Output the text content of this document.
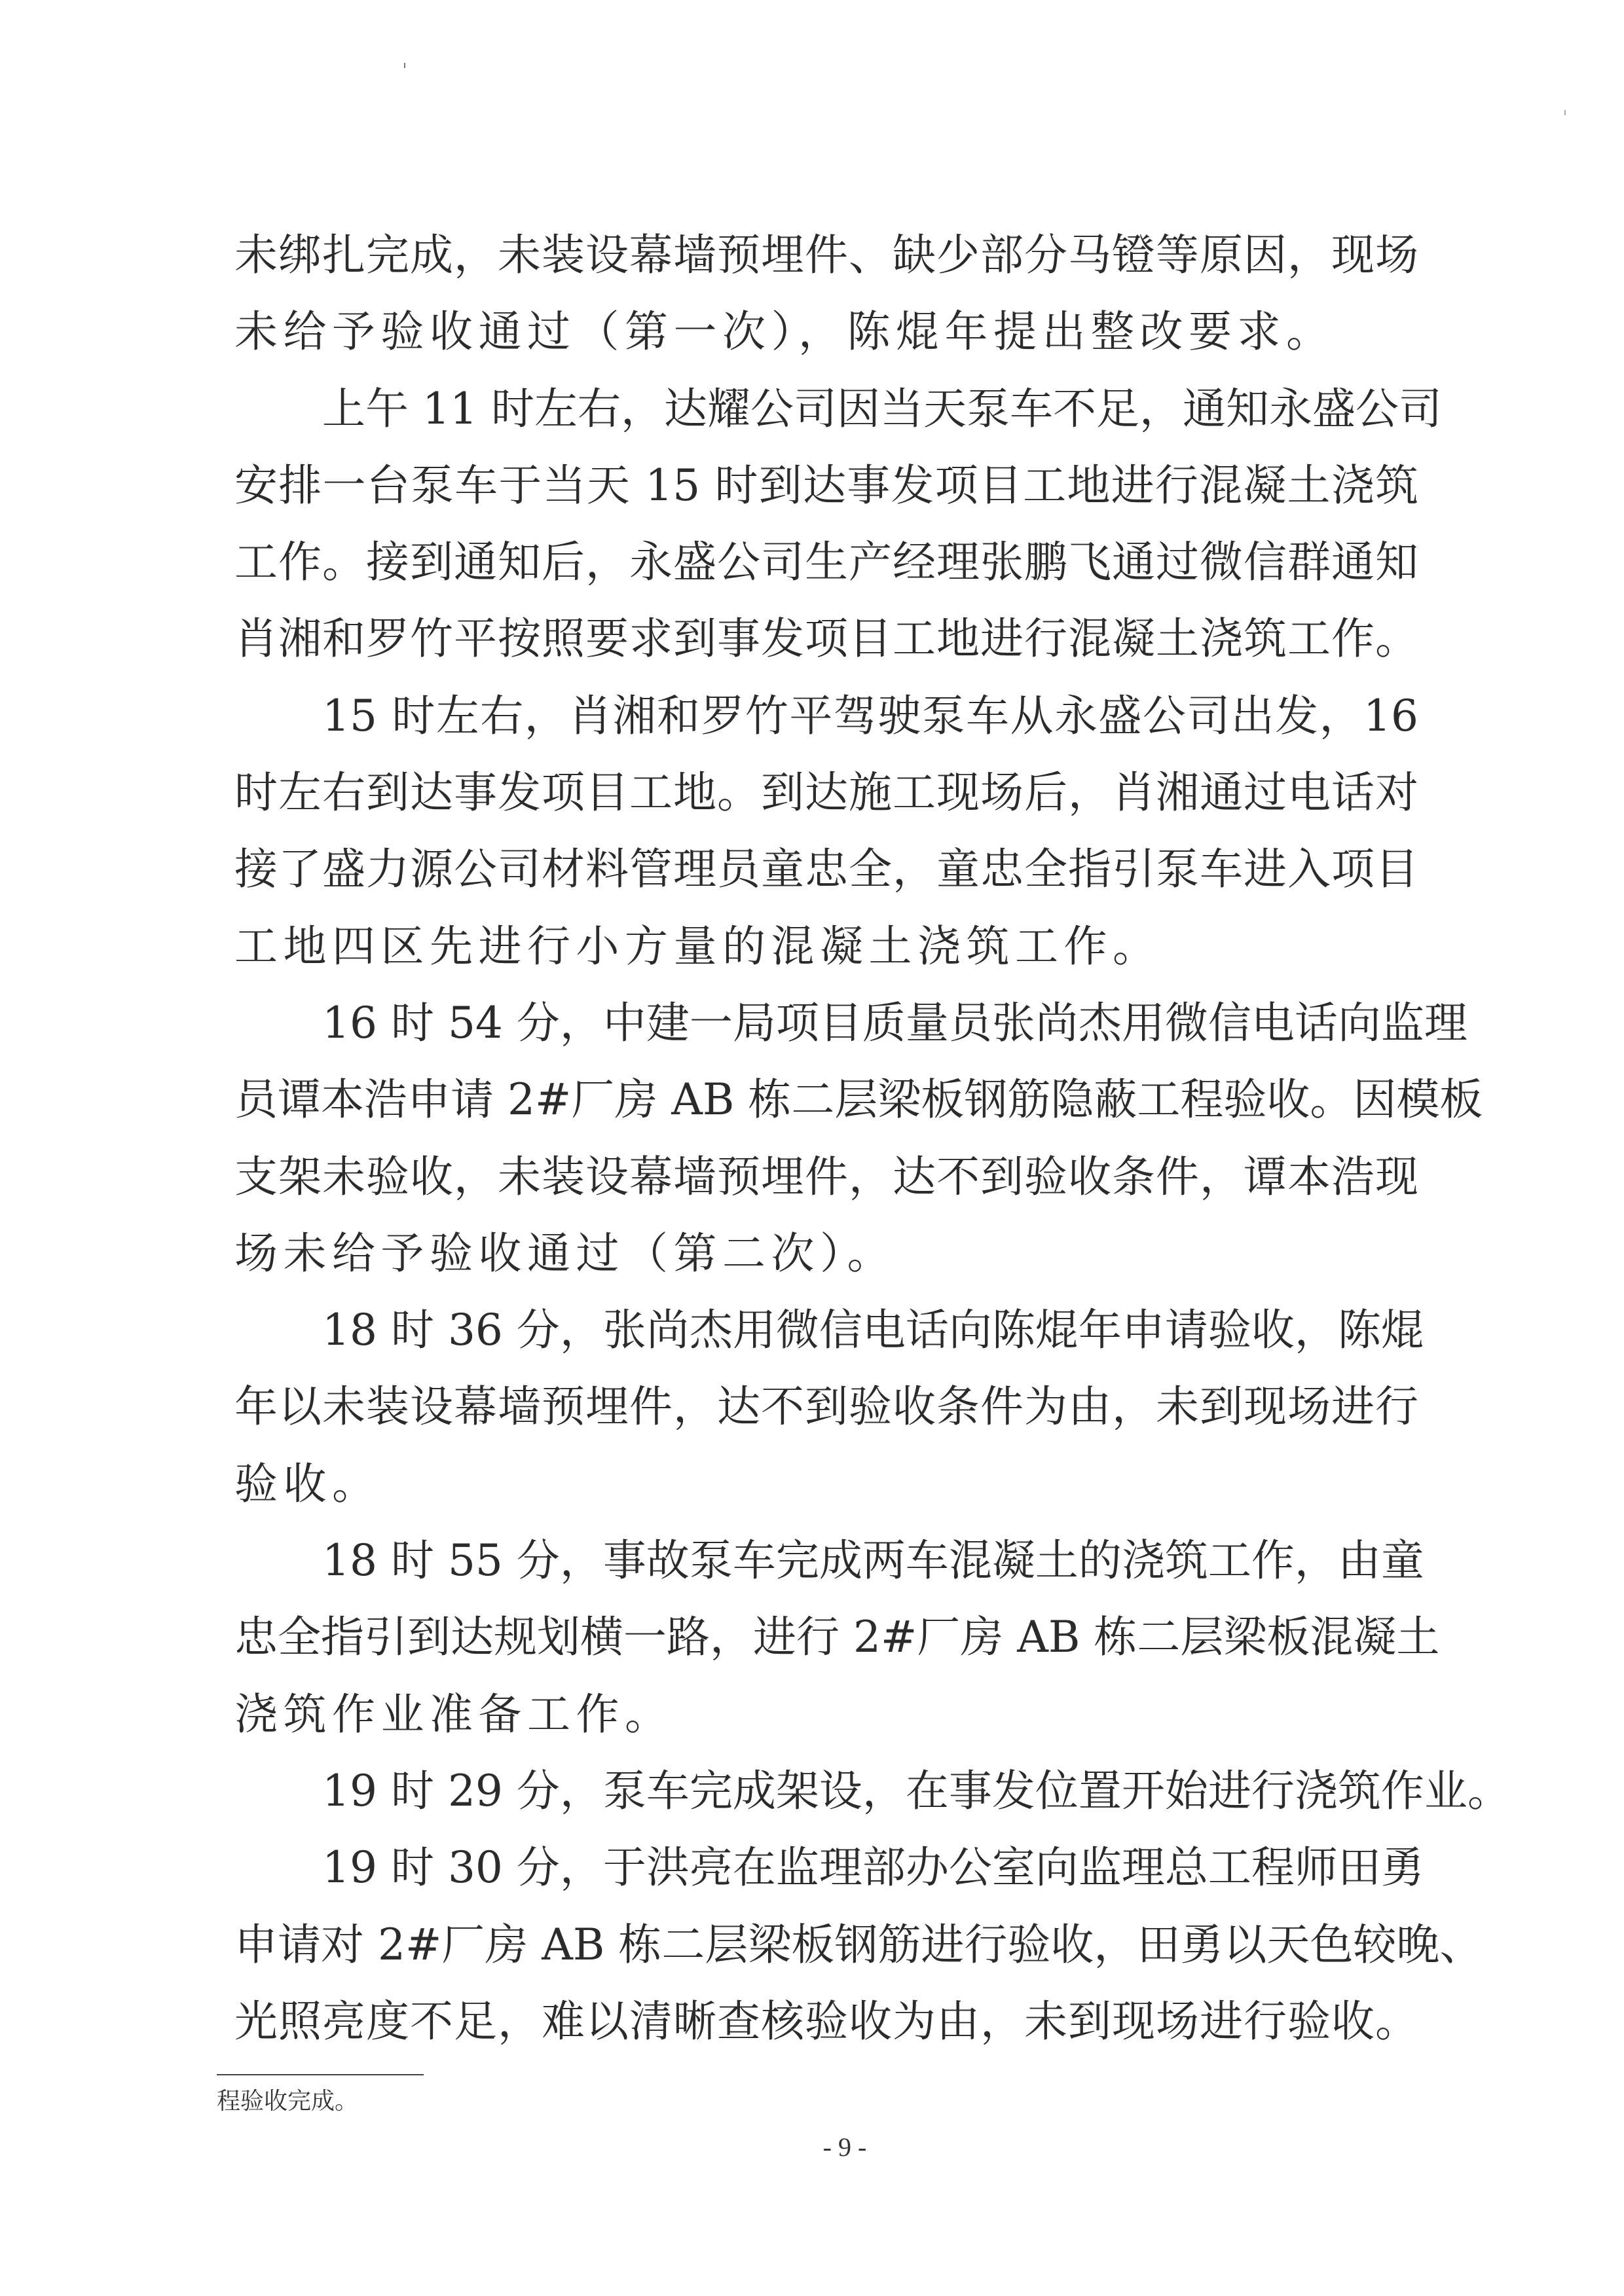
未绑扎完成，未装设幕墙预埋件、缺少部分马镫等原因，现场
未给予验收通过（第一次），陈焜年提出整改要求。
上午 11 时左右，达耀公司因当天泵车不足，通知永盛公司
安排一台泵车于当天 15 时到达事发项目工地进行混凝土浇筑
工作。接到通知后，永盛公司生产经理张鹏飞通过微信群通知
肖湘和罗竹平按照要求到事发项目工地进行混凝土浇筑工作。
15 时左右，肖湘和罗竹平驾驶泵车从永盛公司出发，16
时左右到达事发项目工地。到达施工现场后，肖湘通过电话对
接了盛力源公司材料管理员童忠全，童忠全指引泵车进入项目
工地四区先进行小方量的混凝土浇筑工作。
16 时 54 分，中建一局项目质量员张尚杰用微信电话向监理
员谭本浩申请 2#厂房 AB 栋二层梁板钢筋隐蔽工程验收。因模板
支架未验收，未装设幕墙预埋件，达不到验收条件，谭本浩现
场未给予验收通过（第二次）。
18 时 36 分，张尚杰用微信电话向陈焜年申请验收，陈焜
年以未装设幕墙预埋件，达不到验收条件为由，未到现场进行
验收。
18 时 55 分，事故泵车完成两车混凝土的浇筑工作，由童
忠全指引到达规划横一路，进行 2#厂房 AB 栋二层梁板混凝土
浇筑作业准备工作。
19 时 29 分，泵车完成架设，在事发位置开始进行浇筑作业。
19 时 30 分，于洪亮在监理部办公室向监理总工程师田勇
申请对 2#厂房 AB 栋二层梁板钢筋进行验收，田勇以天色较晚、
光照亮度不足，难以清晰查核验收为由，未到现场进行验收。
程验收完成。
- 9 -
